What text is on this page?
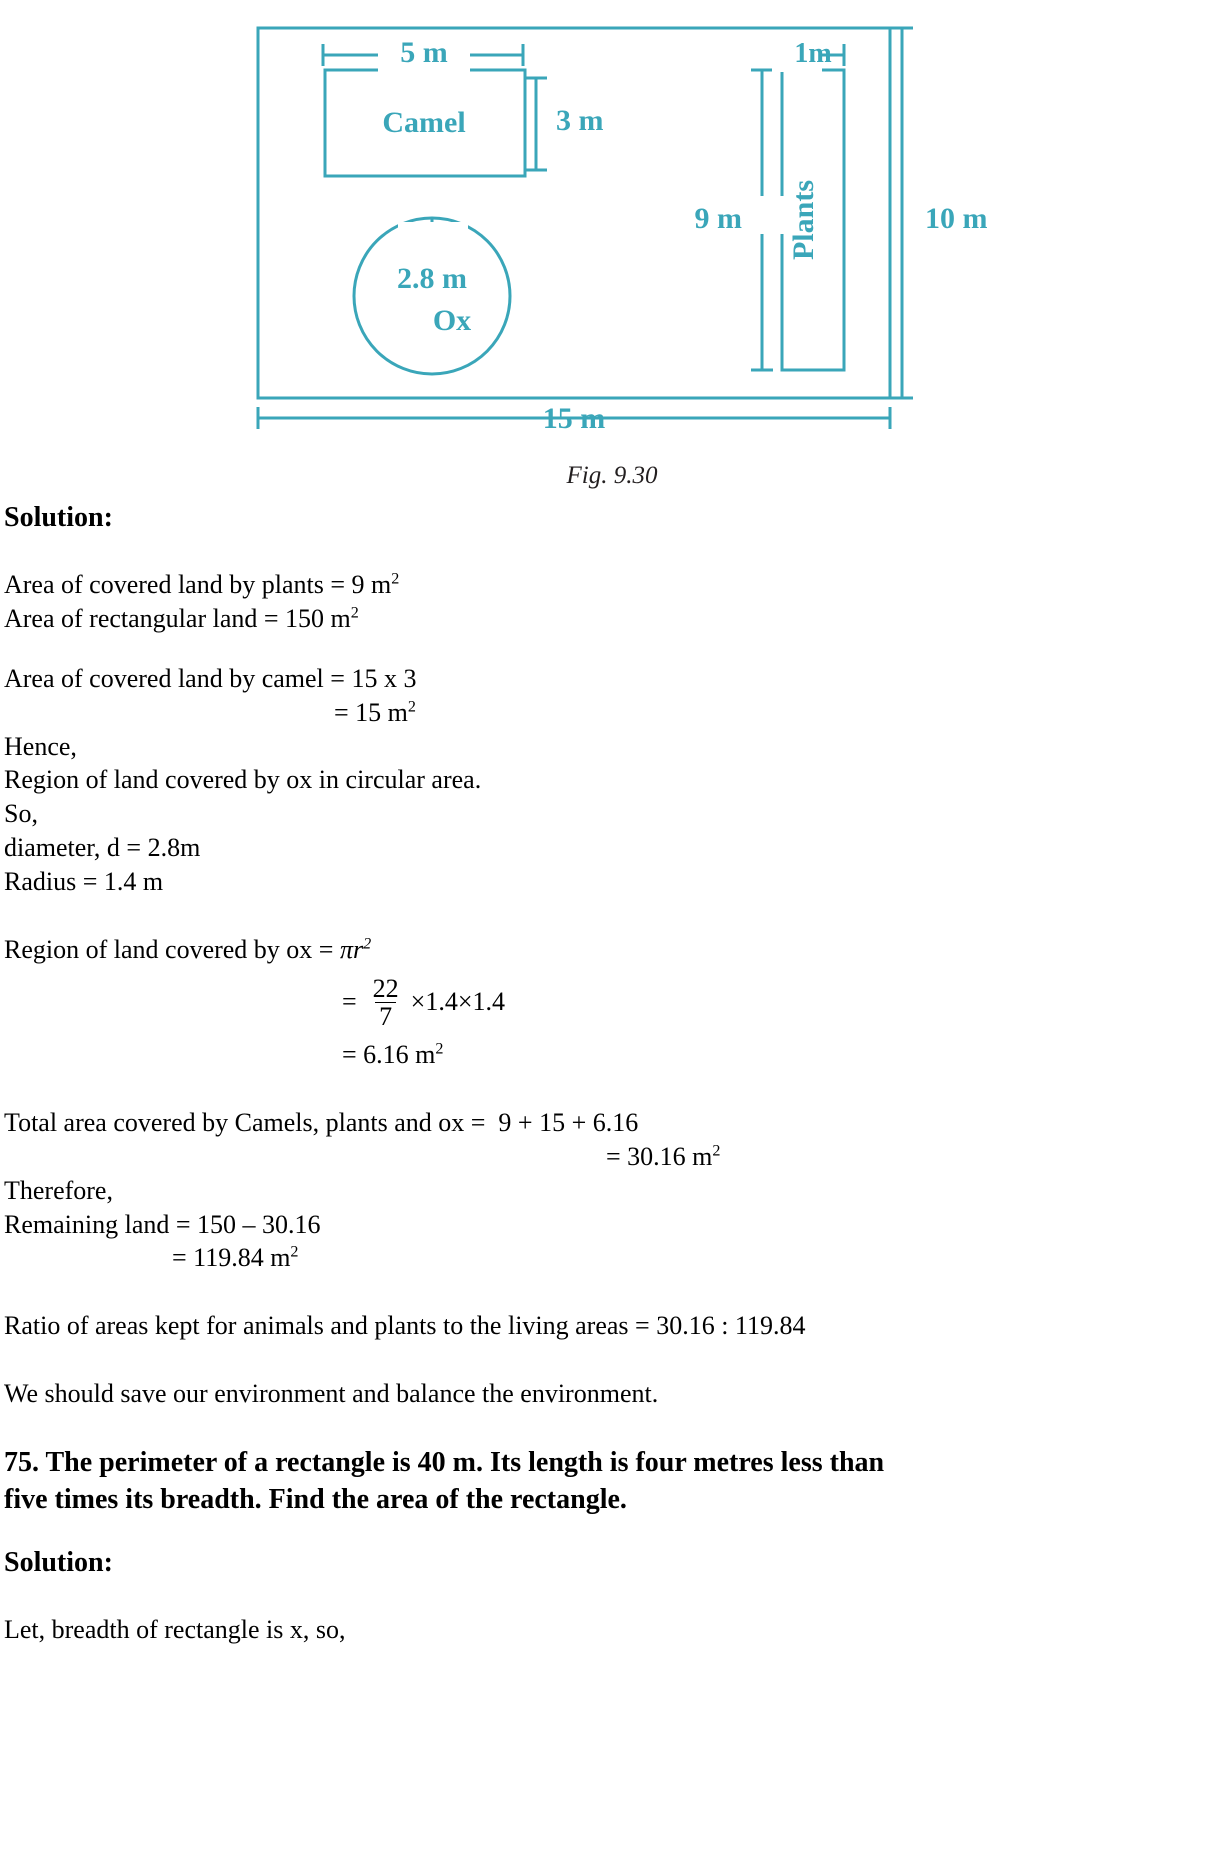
5 m
Camel	3 m
2.8 m
Ox
1m
9 m Plants	10 m
15 m
Fig. 9.30
Solution:
Area of covered land by plants = 9 $m^2$
Area of rectangular land = 150 $m^2$
Area of covered land by camel = 15 x 3
= 15 $m^2$
Hence,
Region of land covered by ox in circular area.
So,
diameter, d = 2.8m
Radius = 1.4 m
Region of land covered by ox = $\pi r^2$
= $\frac{22}{7} \times 1.4\times 1.4$
= 6.16 $m^2$
Total area covered by Camels, plants and ox =  9 + 15 + 6.16
= 30.16 $m^2$
Therefore,
Remaining land = 150 – 30.16
= 119.84 $m^2$
Ratio of areas kept for animals and plants to the living areas = 30.16 : 119.84
We should save our environment and balance the environment.
75. The perimeter of a rectangle is 40 m. Its length is four metres less than
five times its breadth. Find the area of the rectangle.
Solution:
Let, breadth of rectangle is x, so,
